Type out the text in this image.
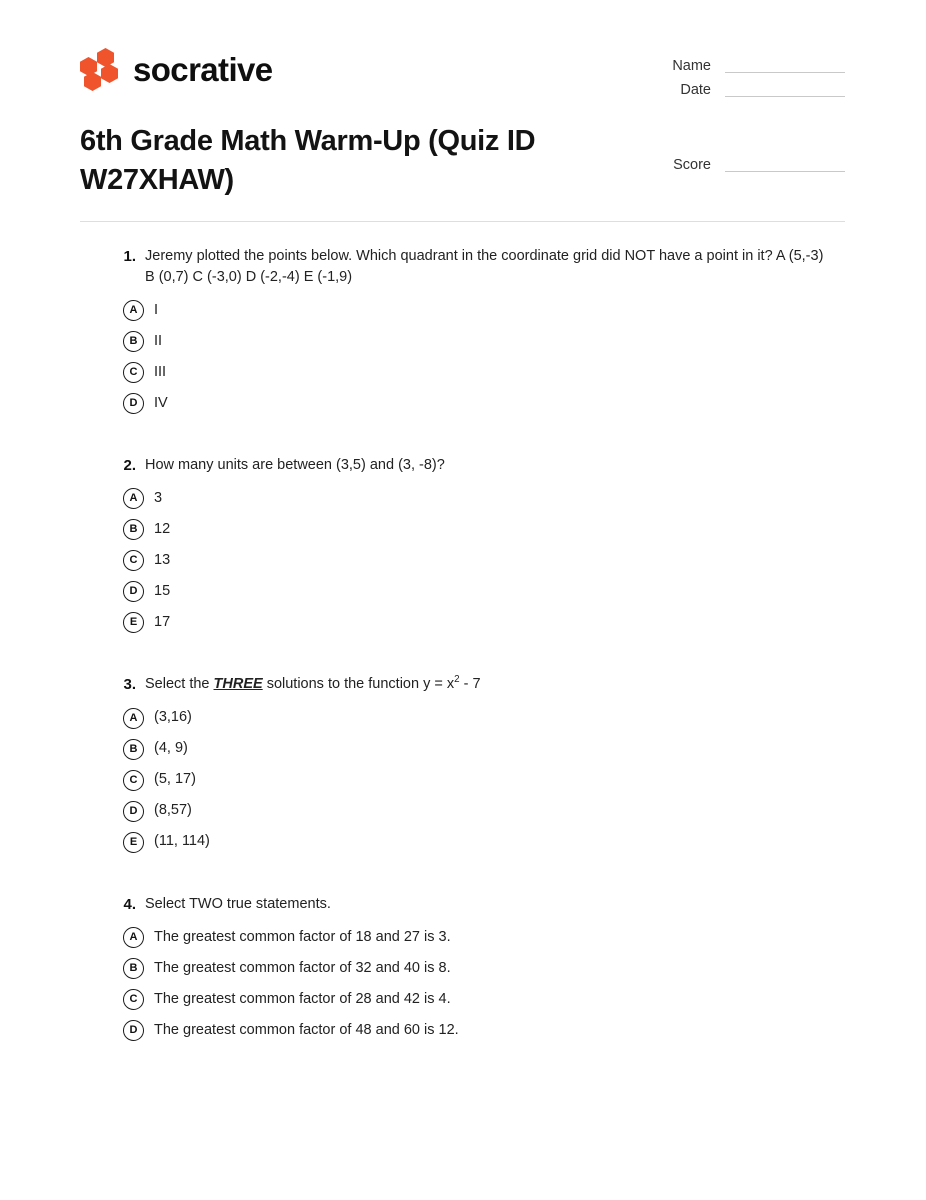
socrative	Name
Date
Score
6th Grade Math Warm-Up (Quiz ID W27XHAW)
1. Jeremy plotted the points below. Which quadrant in the coordinate grid did NOT have a point in it? A (5,-3) B (0,7) C (-3,0) D (-2,-4) E (-1,9)
A	I
B	II
C	III
D	IV
2. How many units are between (3,5) and (3, -8)?
A	3
B	12
C	13
D	15
E	17
3. Select the THREE solutions to the function $y = x^2 - 7$
A	(3,16)
B	(4, 9)
C	(5, 17)
D	(8,57)
E	(11, 114)
4. Select TWO true statements.
A	The greatest common factor of 18 and 27 is 3.
B	The greatest common factor of 32 and 40 is 8.
C	The greatest common factor of 28 and 42 is 4.
D	The greatest common factor of 48 and 60 is 12.
